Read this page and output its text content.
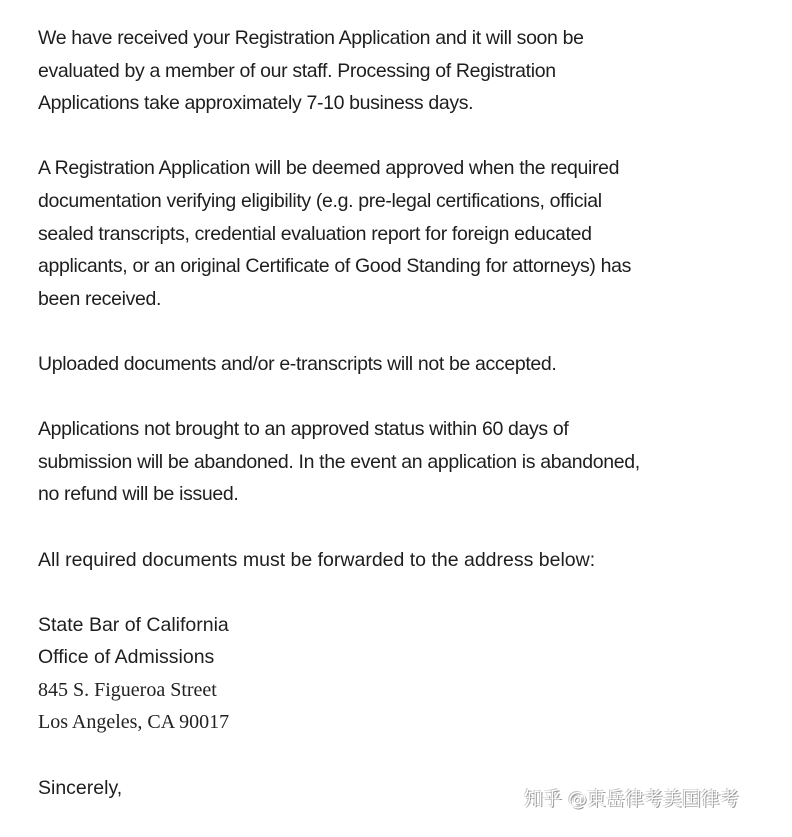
We have received your Registration Application and it will soon be
evaluated by a member of our staff. Processing of Registration
Applications take approximately 7-10 business days.

A Registration Application will be deemed approved when the required
documentation verifying eligibility (e.g. pre-legal certifications, official
sealed transcripts, credential evaluation report for foreign educated
applicants, or an original Certificate of Good Standing for attorneys) has
been received.

Uploaded documents and/or e-transcripts will not be accepted.

Applications not brought to an approved status within 60 days of
submission will be abandoned. In the event an application is abandoned,
no refund will be issued.

All required documents must be forwarded to the address below:

State Bar of California
Office of Admissions
845 S. Figueroa Street
Los Angeles, CA 90017

Sincerely,

知乎 @東岳律考美国律考
